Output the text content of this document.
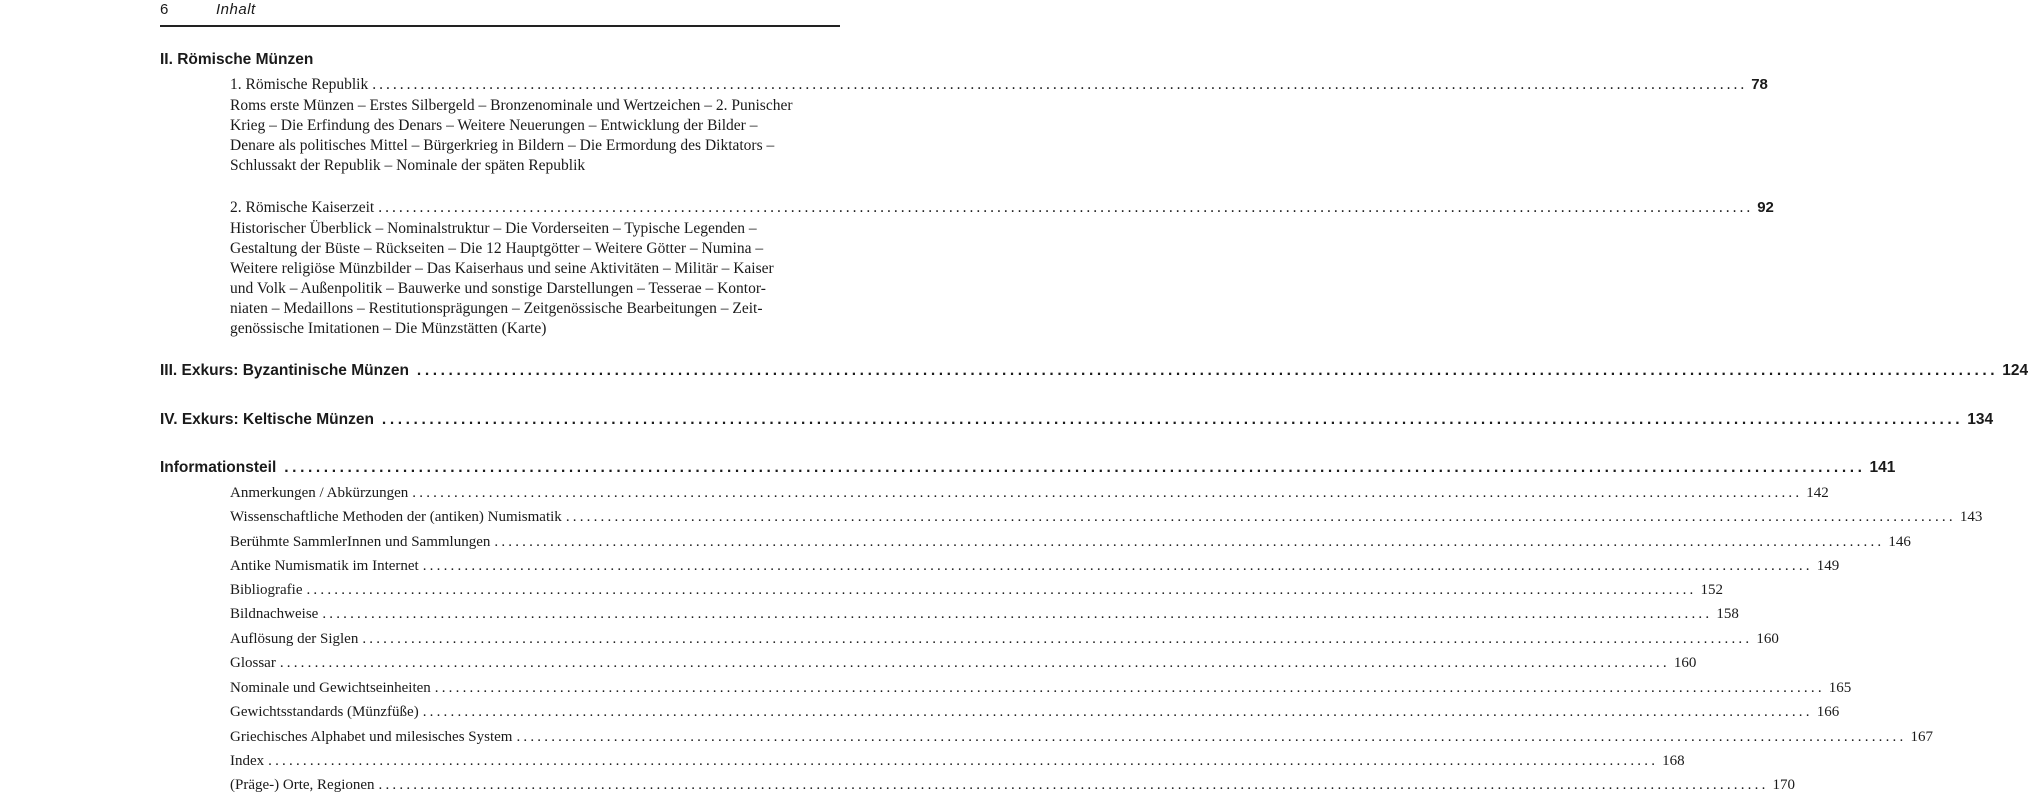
6	Inhalt
II. Römische Münzen
1. Römische Republik ........................................................................................................................................................................................................ 78
Roms erste Münzen – Erstes Silbergeld – Bronzenominale und Wertzeichen – 2. Punischer
Krieg – Die Erfindung des Denars – Weitere Neuerungen – Entwicklung der Bilder –
Denare als politisches Mittel – Bürgerkrieg in Bildern – Die Ermordung des Diktators –
Schlussakt der Republik – Nominale der späten Republik
2. Römische Kaiserzeit ........................................................................................................................................................................................................ 92
Historischer Überblick – Nominalstruktur – Die Vorderseiten – Typische Legenden –
Gestaltung der Büste – Rückseiten – Die 12 Hauptgötter – Weitere Götter – Numina –
Weitere religiöse Münzbilder – Das Kaiserhaus und seine Aktivitäten – Militär – Kaiser
und Volk – Außenpolitik – Bauwerke und sonstige Darstellungen – Tesserae – Kontor-
niaten – Medaillons – Restitutionsprägungen – Zeitgenössische Bearbeitungen – Zeit-
genössische Imitationen – Die Münzstätten (Karte)
III. Exkurs: Byzantinische Münzen ........................................................................................................................................................................................................ 124
IV. Exkurs: Keltische Münzen ........................................................................................................................................................................................................ 134
Informationsteil ........................................................................................................................................................................................................ 141
Anmerkungen / Abkürzungen ........................................................................................................................................................................................................ 142
Wissenschaftliche Methoden der (antiken) Numismatik ........................................................................................................................................................................................................ 143
Berühmte SammlerInnen und Sammlungen ........................................................................................................................................................................................................ 146
Antike Numismatik im Internet ........................................................................................................................................................................................................ 149
Bibliografie ........................................................................................................................................................................................................ 152
Bildnachweise ........................................................................................................................................................................................................ 158
Auflösung der Siglen ........................................................................................................................................................................................................ 160
Glossar ........................................................................................................................................................................................................ 160
Nominale und Gewichtseinheiten ........................................................................................................................................................................................................ 165
Gewichtsstandards (Münzfüße) ........................................................................................................................................................................................................ 166
Griechisches Alphabet und milesisches System ........................................................................................................................................................................................................ 167
Index ........................................................................................................................................................................................................ 168
(Präge-) Orte, Regionen ........................................................................................................................................................................................................ 170
